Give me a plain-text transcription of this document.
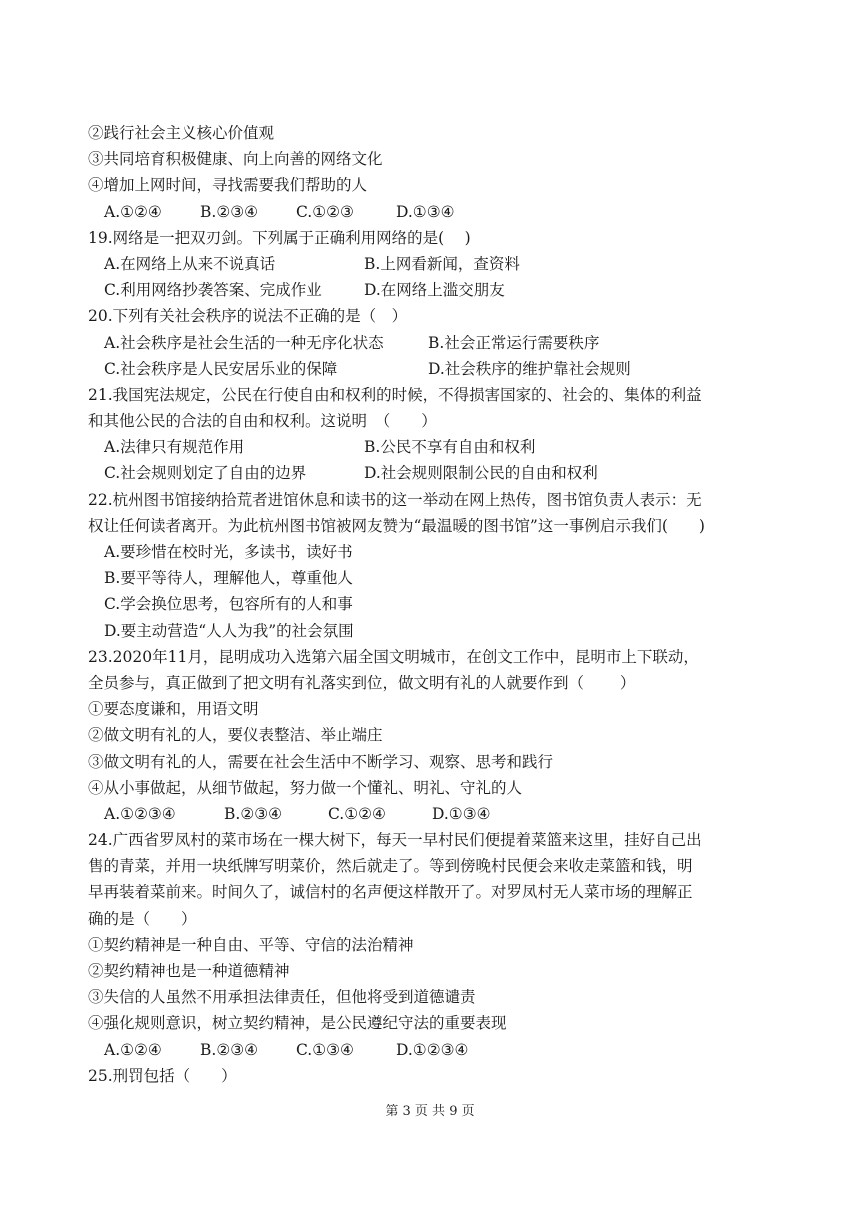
②践行社会主义核心价值观
③共同培育积极健康、向上向善的网络文化
④增加上网时间，寻找需要我们帮助的人
A.①②④	B.②③④	C.①②③	D.①③④
19.网络是一把双刃剑。下列属于正确利用网络的是(　 )
A.在网络上从来不说真话	B.上网看新闻，查资料
C.利用网络抄袭答案、完成作业	D.在网络上滥交朋友
20.下列有关社会秩序的说法不正确的是（　）
A.社会秩序是社会生活的一种无序化状态	B.社会正常运行需要秩序
C.社会秩序是人民安居乐业的保障	D.社会秩序的维护靠社会规则
21.我国宪法规定，公民在行使自由和权利的时候，不得损害国家的、社会的、集体的利益
和其他公民的合法的自由和权利。这说明　（　　）
A.法律只有规范作用	B.公民不享有自由和权利
C.社会规则划定了自由的边界	D.社会规则限制公民的自由和权利
22.杭州图书馆接纳拾荒者进馆休息和读书的这一举动在网上热传，图书馆负责人表示：无
权让任何读者离开。为此杭州图书馆被网友赞为“最温暖的图书馆”这一事例启示我们(　　)
A.要珍惜在校时光，多读书，读好书
B.要平等待人，理解他人，尊重他人
C.学会换位思考，包容所有的人和事
D.要主动营造“人人为我”的社会氛围
23.2020年11月，昆明成功入选第六届全国文明城市，在创文工作中，昆明市上下联动，
全员参与，真正做到了把文明有礼落实到位，做文明有礼的人就要作到（　　 ）
①要态度谦和，用语文明
②做文明有礼的人，要仪表整洁、举止端庄
③做文明有礼的人，需要在社会生活中不断学习、观察、思考和践行
④从小事做起，从细节做起，努力做一个懂礼、明礼、守礼的人
A.①②③④	B.②③④	C.①②④	D.①③④
24.广西省罗凤村的菜市场在一棵大树下，每天一早村民们便提着菜篮来这里，挂好自己出
售的青菜，并用一块纸牌写明菜价，然后就走了。等到傍晚村民便会来收走菜篮和钱，明
早再装着菜前来。时间久了，诚信村的名声便这样散开了。对罗凤村无人菜市场的理解正
确的是（　　）
①契约精神是一种自由、平等、守信的法治精神
②契约精神也是一种道德精神
③失信的人虽然不用承担法律责任，但他将受到道德谴责
④强化规则意识，树立契约精神，是公民遵纪守法的重要表现
A.①②④	B.②③④	C.①③④	D.①②③④
25.刑罚包括（　　）
第 3 页 共 9 页
